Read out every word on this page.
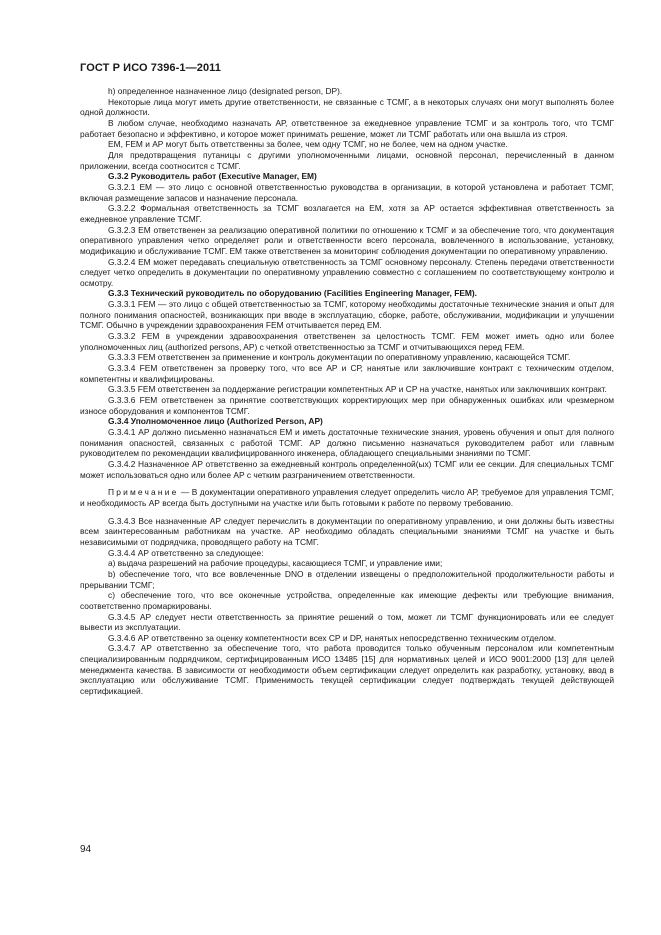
ГОСТ Р ИСО 7396-1—2011

h) определенное назначенное лицо (designated person, DP).

Некоторые лица могут иметь другие ответственности, не связанные с ТСМГ, а в некоторых случаях они могут выполнять более одной должности.

В любом случае, необходимо назначать АР, ответственное за ежедневное управление ТСМГ и за контроль того, что ТСМГ работает безопасно и эффективно, и которое может принимать решение, может ли ТСМГ работать или она вышла из строя.

ЕМ, FEM и АР могут быть ответственны за более, чем одну ТСМГ, но не более, чем на одном участке.

Для предотвращения путаницы с другими уполномоченными лицами, основной персонал, перечисленный в данном приложении, всегда соотносится с ТСМГ.

G.3.2 Руководитель работ (Executive Manager, EM)

G.3.2.1 EM — это лицо с основной ответственностью руководства в организации, в которой установлена и работает ТСМГ, включая размещение запасов и назначение персонала.

G.3.2.2 Формальная ответственность за ТСМГ возлагается на ЕМ, хотя за АР остается эффективная ответственность за ежедневное управление ТСМГ.

G.3.2.3 ЕМ ответственен за реализацию оперативной политики по отношению к ТСМГ и за обеспечение того, что документация оперативного управления четко определяет роли и ответственности всего персонала, вовлеченного в использование, установку, модификацию и обслуживание ТСМГ. ЕМ также ответственен за мониторинг соблюдения документации по оперативному управлению.

G.3.2.4 ЕМ может передавать специальную ответственность за ТСМГ основному персоналу. Степень передачи ответственности следует четко определить в документации по оперативному управлению совместно с соглашением по соответствующему контролю и осмотру.

G.3.3 Технический руководитель по оборудованию (Facilities Engineering Manager, FEM).

G.3.3.1 FEM — это лицо с общей ответственностью за ТСМГ, которому необходимы достаточные технические знания и опыт для полного понимания опасностей, возникающих при вводе в эксплуатацию, сборке, работе, обслуживании, модификации и улучшении ТСМГ. Обычно в учреждении здравоохранения FEM отчитывается перед ЕМ.

G.3.3.2 FEM в учреждении здравоохранения ответственен за целостность ТСМГ. FEM может иметь одно или более уполномоченных лиц (authorized persons, AP) с четкой ответственностью за ТСМГ и отчитывающихся перед FEM.

G.3.3.3 FEM ответственен за применение и контроль документации по оперативному управлению, касающейся ТСМГ.

G.3.3.4 FEM ответственен за проверку того, что все АР и СР, нанятые или заключившие контракт с техническим отделом, компетентны и квалифицированы.

G.3.3.5 FEM ответственен за поддержание регистрации компетентных АР и СР на участке, нанятых или заключивших контракт.

G.3.3.6 FEM ответственен за принятие соответствующих корректирующих мер при обнаруженных ошибках или чрезмерном износе оборудования и компонентов ТСМГ.

G.3.4 Уполномоченное лицо (Authorized Person, AP)

G.3.4.1 АР должно письменно назначаться ЕМ и иметь достаточные технические знания, уровень обучения и опыт для полного понимания опасностей, связанных с работой ТСМГ. АР должно письменно назначаться руководителем работ или главным руководителем по рекомендации квалифицированного инженера, обладающего специальными знаниями по ТСМГ.

G.3.4.2 Назначенное АР ответственно за ежедневный контроль определенной(ых) ТСМГ или ее секции. Для специальных ТСМГ может использоваться одно или более АР с четким разграничением ответственности.

Примечание — В документации оперативного управления следует определить число АР, требуемое для управления ТСМГ, и необходимость АР всегда быть доступными на участке или быть готовыми к работе по первому требованию.

G.3.4.3 Все назначенные АР следует перечислить в документации по оперативному управлению, и они должны быть известны всем заинтересованным работникам на участке. АР необходимо обладать специальными знаниями ТСМГ на участке и быть независимыми от подрядчика, проводящего работу на ТСМГ.

G.3.4.4 АР ответственно за следующее:

a) выдача разрешений на рабочие процедуры, касающиеся ТСМГ, и управление ими;

b) обеспечение того, что все вовлеченные DNO в отделении извещены о предположительной продолжительности работы и прерывании ТСМГ;

c) обеспечение того, что все оконечные устройства, определенные как имеющие дефекты или требующие внимания, соответственно промаркированы.

G.3.4.5 АР следует нести ответственность за принятие решений о том, может ли ТСМГ функционировать или ее следует вывести из эксплуатации.

G.3.4.6 АР ответственно за оценку компетентности всех СР и DP, нанятых непосредственно техническим отделом.

G.3.4.7 АР ответственно за обеспечение того, что работа проводится только обученным персоналом или компетентным специализированным подрядчиком, сертифицированным ИСО 13485 [15] для нормативных целей и ИСО 9001:2000 [13] для целей менеджмента качества. В зависимости от необходимости объем сертификации следует определить как разработку, установку, ввод в эксплуатацию или обслуживание ТСМГ. Применимость текущей сертификации следует подтверждать текущей действующей сертификацией.

94
